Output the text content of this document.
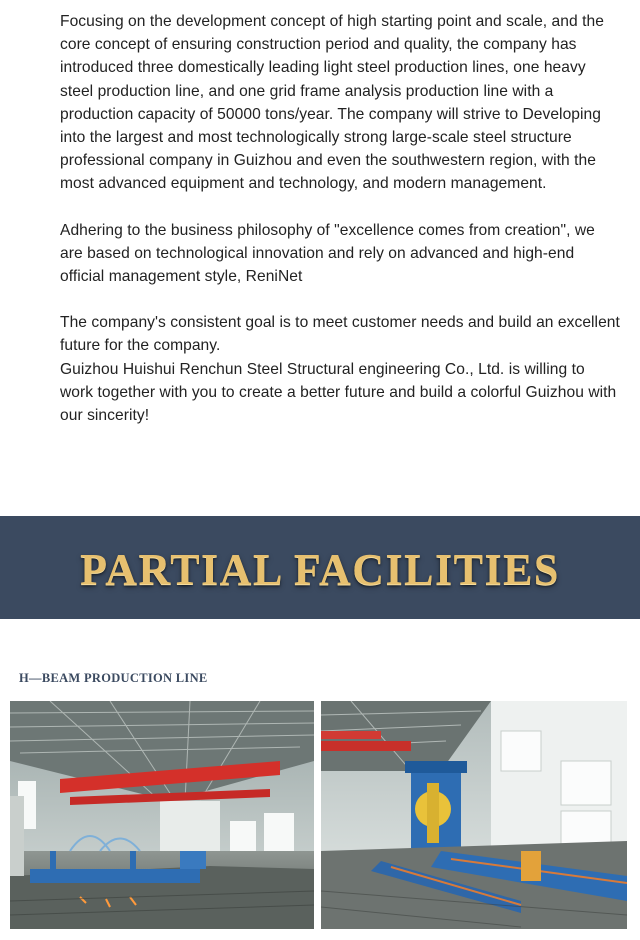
Focusing on the development concept of high starting point and scale, and the core concept of ensuring construction period and quality, the company has introduced three domestically leading light steel production lines, one heavy steel production line, and one grid frame analysis production line with a production capacity of 50000 tons/year. The company will strive to Developing into the largest and most technologically strong large-scale steel structure professional company in Guizhou and even the southwestern region, with the most advanced equipment and technology, and modern management.

Adhering to the business philosophy of "excellence comes from creation", we are based on technological innovation and rely on advanced and high-end official management style, ReniNet

The company's consistent goal is to meet customer needs and build an excellent future for the company.
Guizhou Huishui Renchun Steel Structural engineering Co., Ltd. is willing to work together with you to create a better future and build a colorful Guizhou with our sincerity!

PARTIAL FACILITIES
H—BEAM PRODUCTION LINE
